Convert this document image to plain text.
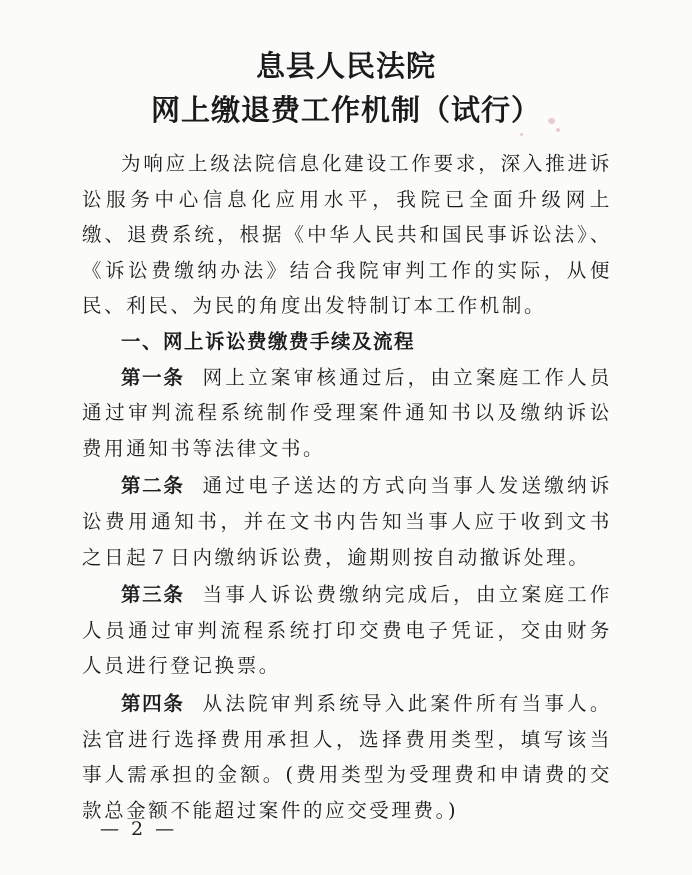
息县人民法院
网上缴退费工作机制（试行）

为响应上级法院信息化建设工作要求，深入推进诉讼服务中心信息化应用水平，我院已全面升级网上缴、退费系统，根据《中华人民共和国民事诉讼法》、《诉讼费缴纳办法》结合我院审判工作的实际，从便民、利民、为民的角度出发特制订本工作机制。

一、网上诉讼费缴费手续及流程

第一条 网上立案审核通过后，由立案庭工作人员通过审判流程系统制作受理案件通知书以及缴纳诉讼费用通知书等法律文书。

第二条 通过电子送达的方式向当事人发送缴纳诉讼费用通知书，并在文书内告知当事人应于收到文书之日起７日内缴纳诉讼费，逾期则按自动撤诉处理。

第三条 当事人诉讼费缴纳完成后，由立案庭工作人员通过审判流程系统打印交费电子凭证，交由财务人员进行登记换票。

第四条 从法院审判系统导入此案件所有当事人。法官进行选择费用承担人，选择费用类型，填写该当事人需承担的金额。(费用类型为受理费和申请费的交款总金额不能超过案件的应交受理费。)

— 2 —
